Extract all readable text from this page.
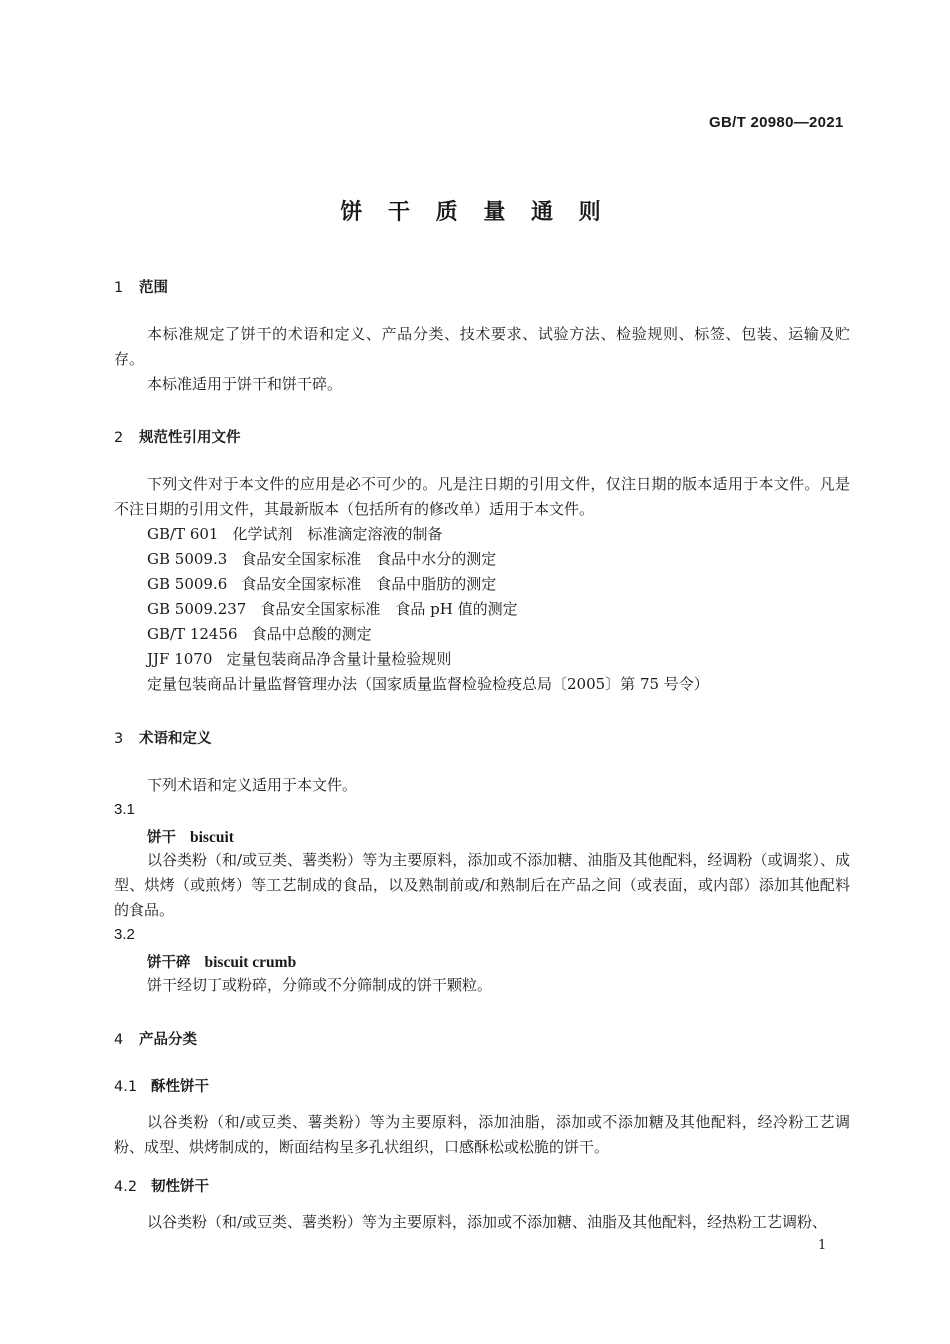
GB/T 20980—2021
饼 干 质 量 通 则
1 范围
本标准规定了饼干的术语和定义、产品分类、技术要求、试验方法、检验规则、标签、包装、运输及贮存。
本标准适用于饼干和饼干碎。
2 规范性引用文件
下列文件对于本文件的应用是必不可少的。凡是注日期的引用文件，仅注日期的版本适用于本文件。凡是不注日期的引用文件，其最新版本（包括所有的修改单）适用于本文件。
GB/T 601 化学试剂　标准滴定溶液的制备
GB 5009.3 食品安全国家标准　食品中水分的测定
GB 5009.6 食品安全国家标准　食品中脂肪的测定
GB 5009.237 食品安全国家标准　食品 pH 值的测定
GB/T 12456 食品中总酸的测定
JJF 1070 定量包装商品净含量计量检验规则
定量包装商品计量监督管理办法（国家质量监督检验检疫总局〔2005〕第 75 号令）
3 术语和定义
下列术语和定义适用于本文件。
3.1
饼干 biscuit
以谷类粉（和/或豆类、薯类粉）等为主要原料，添加或不添加糖、油脂及其他配料，经调粉（或调浆）、成型、烘烤（或煎烤）等工艺制成的食品，以及熟制前或/和熟制后在产品之间（或表面，或内部）添加其他配料的食品。
3.2
饼干碎 biscuit crumb
饼干经切丁或粉碎，分筛或不分筛制成的饼干颗粒。
4 产品分类
4.1 酥性饼干
以谷类粉（和/或豆类、薯类粉）等为主要原料，添加油脂，添加或不添加糖及其他配料，经冷粉工艺调粉、成型、烘烤制成的，断面结构呈多孔状组织，口感酥松或松脆的饼干。
4.2 韧性饼干
以谷类粉（和/或豆类、薯类粉）等为主要原料，添加或不添加糖、油脂及其他配料，经热粉工艺调粉、
1
